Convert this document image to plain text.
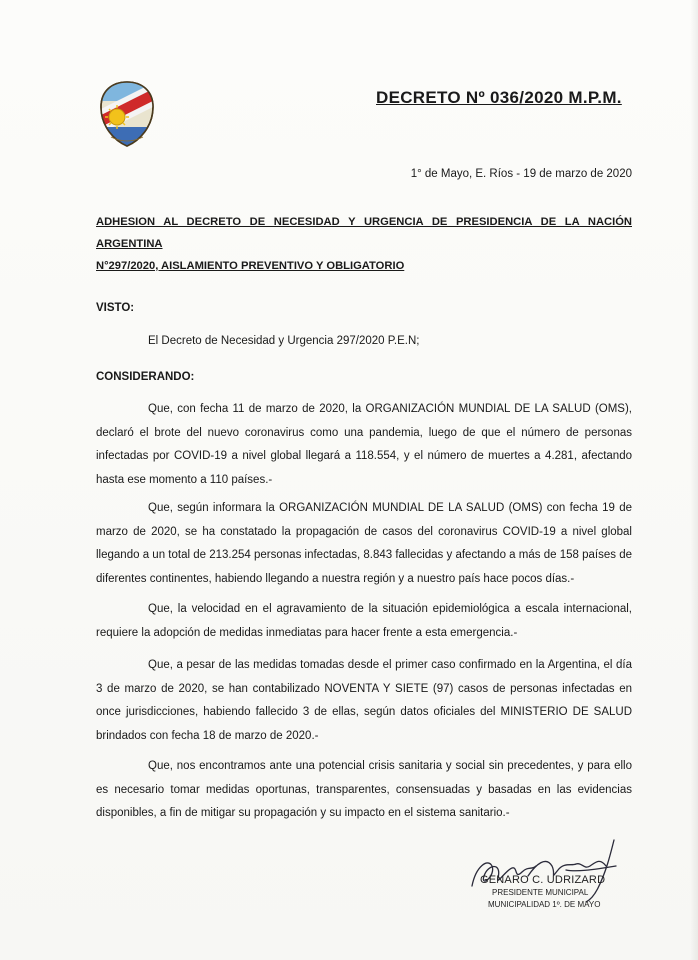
DECRETO Nº 036/2020 M.P.M.
1° de Mayo, E. Ríos - 19 de marzo de 2020
ADHESION AL DECRETO DE NECESIDAD Y URGENCIA DE PRESIDENCIA DE LA NACIÓN ARGENTINA
N°297/2020, AISLAMIENTO PREVENTIVO Y OBLIGATORIO
VISTO:
El Decreto de Necesidad y Urgencia 297/2020 P.E.N;
CONSIDERANDO:

Que, con fecha 11 de marzo de 2020, la ORGANIZACIÓN MUNDIAL DE LA SALUD (OMS), declaró el brote del nuevo coronavirus como una pandemia, luego de que el número de personas infectadas por COVID-19 a nivel global llegará a 118.554, y el número de muertes a 4.281, afectando hasta ese momento a 110 países.-

Que, según informara la ORGANIZACIÓN MUNDIAL DE LA SALUD (OMS) con fecha 19 de marzo de 2020, se ha constatado la propagación de casos del coronavirus COVID-19 a nivel global llegando a un total de 213.254 personas infectadas, 8.843 fallecidas y afectando a más de 158 países de diferentes continentes, habiendo llegando a nuestra región y a nuestro país hace pocos días.-

Que, la velocidad en el agravamiento de la situación epidemiológica a escala internacional, requiere la adopción de medidas inmediatas para hacer frente a esta emergencia.-

Que, a pesar de las medidas tomadas desde el primer caso confirmado en la Argentina, el día 3 de marzo de 2020, se han contabilizado NOVENTA Y SIETE (97) casos de personas infectadas en once jurisdicciones, habiendo fallecido 3 de ellas, según datos oficiales del MINISTERIO DE SALUD brindados con fecha 18 de marzo de 2020.-

Que, nos encontramos ante una potencial crisis sanitaria y social sin precedentes, y para ello es necesario tomar medidas oportunas, transparentes, consensuadas y basadas en las evidencias disponibles, a fin de mitigar su propagación y su impacto en el sistema sanitario.-

GENARO C. UDRIZARD
PRESIDENTE MUNICIPAL
MUNICIPALIDAD 1º. DE MAYO
